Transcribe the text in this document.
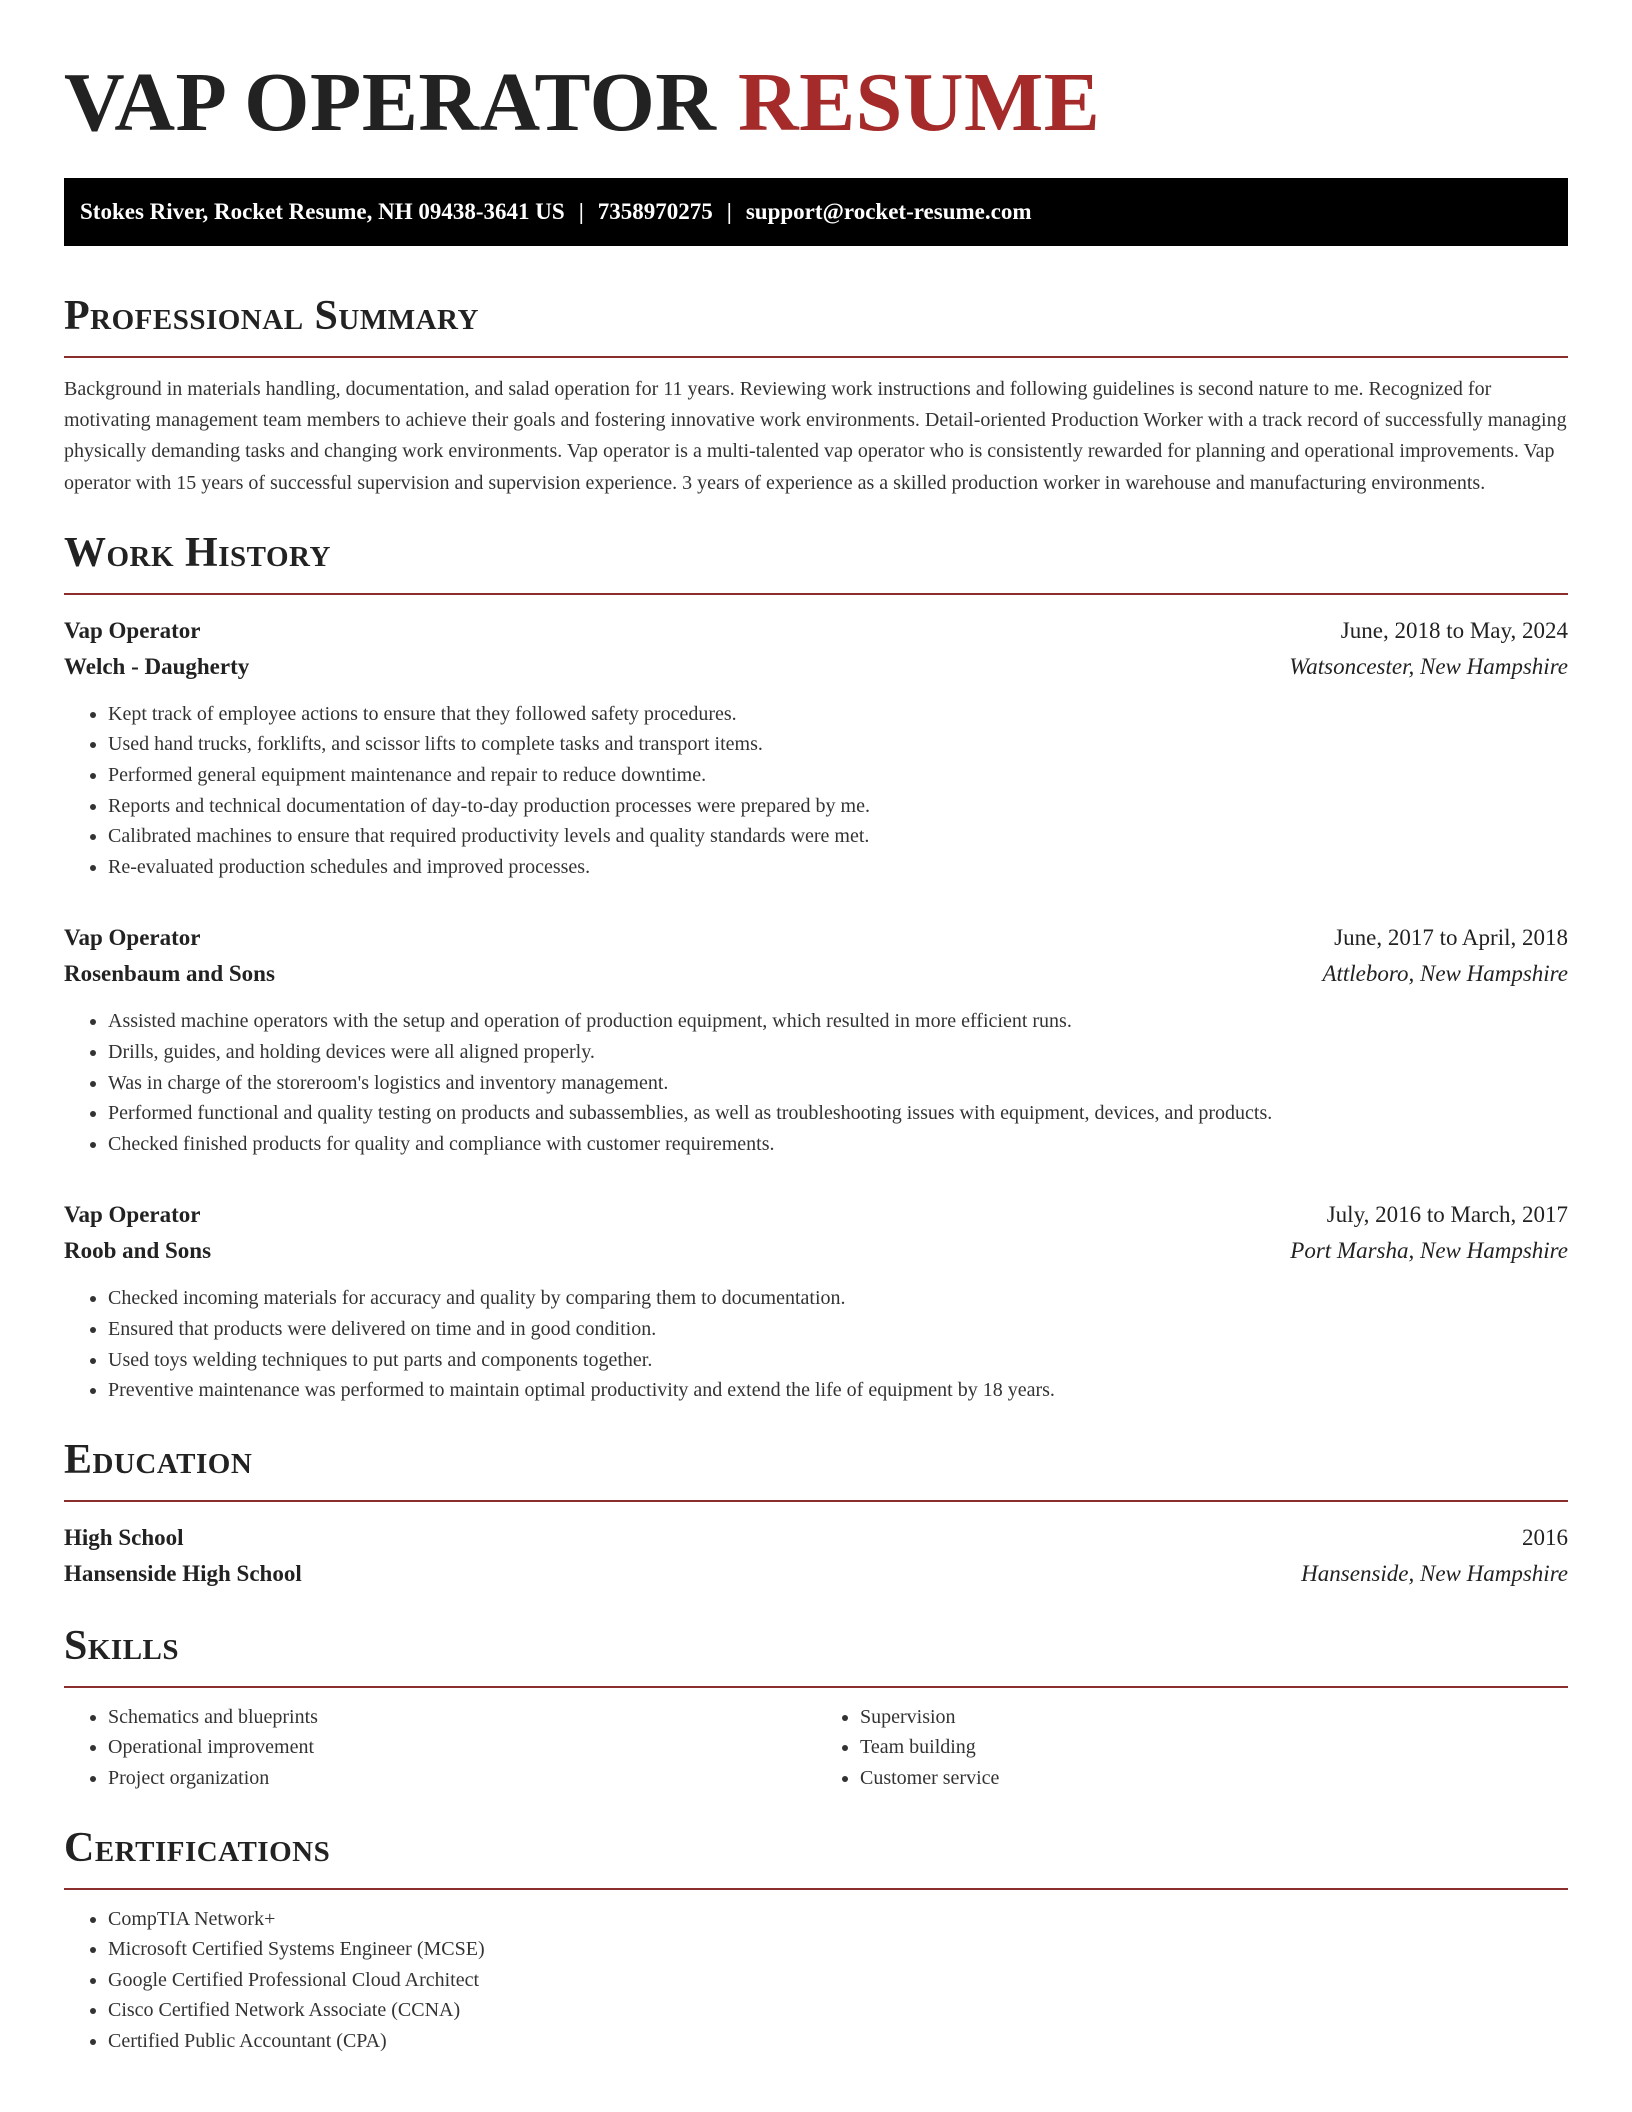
VAP OPERATOR RESUME
Stokes River, Rocket Resume, NH 09438-3641 US | 7358970275 | support@rocket-resume.com
Professional Summary

Background in materials handling, documentation, and salad operation for 11 years. Reviewing work instructions and following guidelines is second nature to me. Recognized for motivating management team members to achieve their goals and fostering innovative work environments. Detail-oriented Production Worker with a track record of successfully managing physically demanding tasks and changing work environments. Vap operator is a multi-talented vap operator who is consistently rewarded for planning and operational improvements. Vap operator with 15 years of successful supervision and supervision experience. 3 years of experience as a skilled production worker in warehouse and manufacturing environments.

Work History
Vap Operator	June, 2018 to May, 2024
Welch - Daugherty	Watsoncester, New Hampshire
• Kept track of employee actions to ensure that they followed safety procedures.
• Used hand trucks, forklifts, and scissor lifts to complete tasks and transport items.
• Performed general equipment maintenance and repair to reduce downtime.
• Reports and technical documentation of day-to-day production processes were prepared by me.
• Calibrated machines to ensure that required productivity levels and quality standards were met.
• Re-evaluated production schedules and improved processes.
Vap Operator	June, 2017 to April, 2018
Rosenbaum and Sons	Attleboro, New Hampshire
• Assisted machine operators with the setup and operation of production equipment, which resulted in more efficient runs.
• Drills, guides, and holding devices were all aligned properly.
• Was in charge of the storeroom's logistics and inventory management.
• Performed functional and quality testing on products and subassemblies, as well as troubleshooting issues with equipment, devices, and products.
• Checked finished products for quality and compliance with customer requirements.
Vap Operator	July, 2016 to March, 2017
Roob and Sons	Port Marsha, New Hampshire
• Checked incoming materials for accuracy and quality by comparing them to documentation.
• Ensured that products were delivered on time and in good condition.
• Used toys welding techniques to put parts and components together.
• Preventive maintenance was performed to maintain optimal productivity and extend the life of equipment by 18 years.
Education
High School	2016
Hansenside High School	Hansenside, New Hampshire
Skills
• Schematics and blueprints
• Operational improvement
• Project organization
• Supervision
• Team building
• Customer service
Certifications
• CompTIA Network+
• Microsoft Certified Systems Engineer (MCSE)
• Google Certified Professional Cloud Architect
• Cisco Certified Network Associate (CCNA)
• Certified Public Accountant (CPA)
